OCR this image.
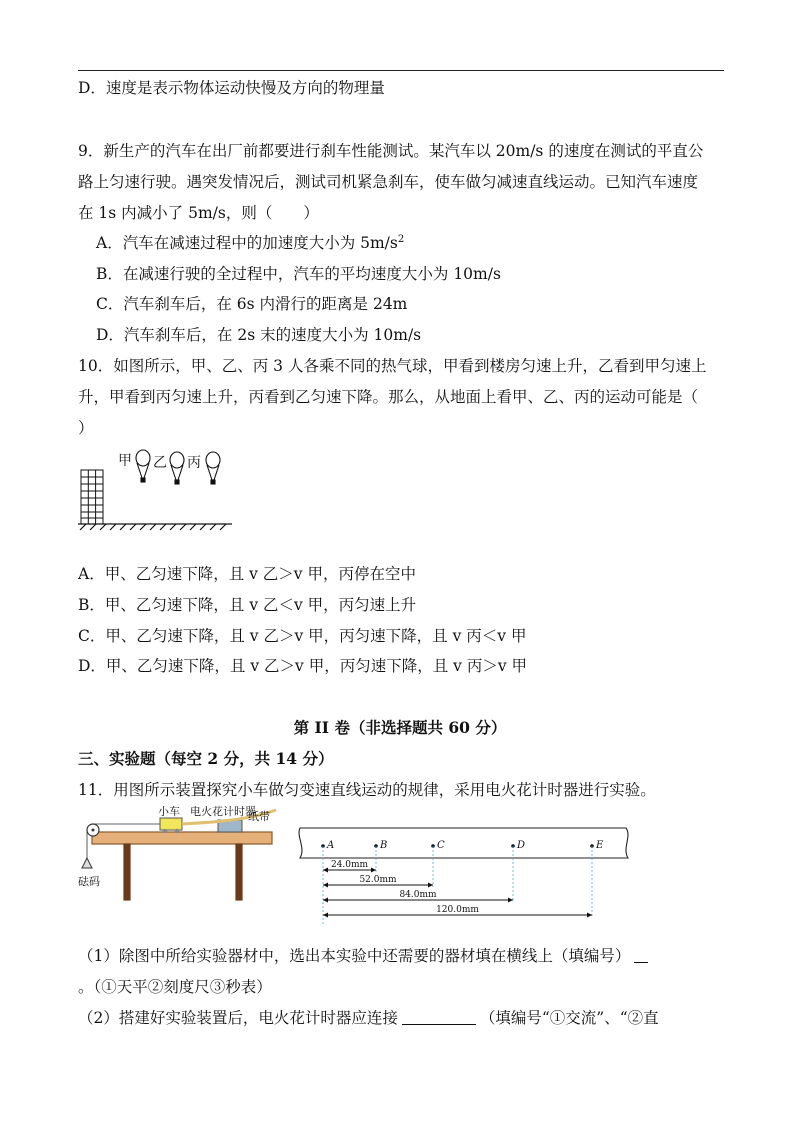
D．速度是表示物体运动快慢及方向的物理量
9．新生产的汽车在出厂前都要进行刹车性能测试。某汽车以 20m/s 的速度在测试的平直公
路上匀速行驶。遇突发情况后，测试司机紧急刹车，使车做匀减速直线运动。已知汽车速度
在 1s 内减小了 5m/s，则（　　）
A．汽车在减速过程中的加速度大小为 $5m/s^2$
B．在减速行驶的全过程中，汽车的平均速度大小为 10m/s
C．汽车刹车后，在 6s 内滑行的距离是 24m
D．汽车刹车后，在 2s 末的速度大小为 10m/s
10．如图所示，甲、乙、丙 3 人各乘不同的热气球，甲看到楼房匀速上升，乙看到甲匀速上
升，甲看到丙匀速上升，丙看到乙匀速下降。那么，从地面上看甲、乙、丙的运动可能是（
）
甲 乙 丙
A．甲、乙匀速下降，且 v 乙＞v 甲，丙停在空中
B．甲、乙匀速下降，且 v 乙＜v 甲，丙匀速上升
C．甲、乙匀速下降，且 v 乙＞v 甲，丙匀速下降，且 v 丙＜v 甲
D．甲、乙匀速下降，且 v 乙＞v 甲，丙匀速下降，且 v 丙＞v 甲
第 II 卷（非选择题共 60 分）
三、实验题（每空 2 分，共 14 分）
11．用图所示装置探究小车做匀变速直线运动的规律，采用电火花计时器进行实验。
砝码
小车 电火花计时器
纸带
A	B	C	D	E
24.0mm
52.0mm
84.0mm
120.0mm
（1）除图中所给实验器材中，选出本实验中还需要的器材填在横线上（填编号）
。（①天平②刻度尺③秒表）
（2）搭建好实验装置后，电火花计时器应连接	（填编号“①交流”、“②直
